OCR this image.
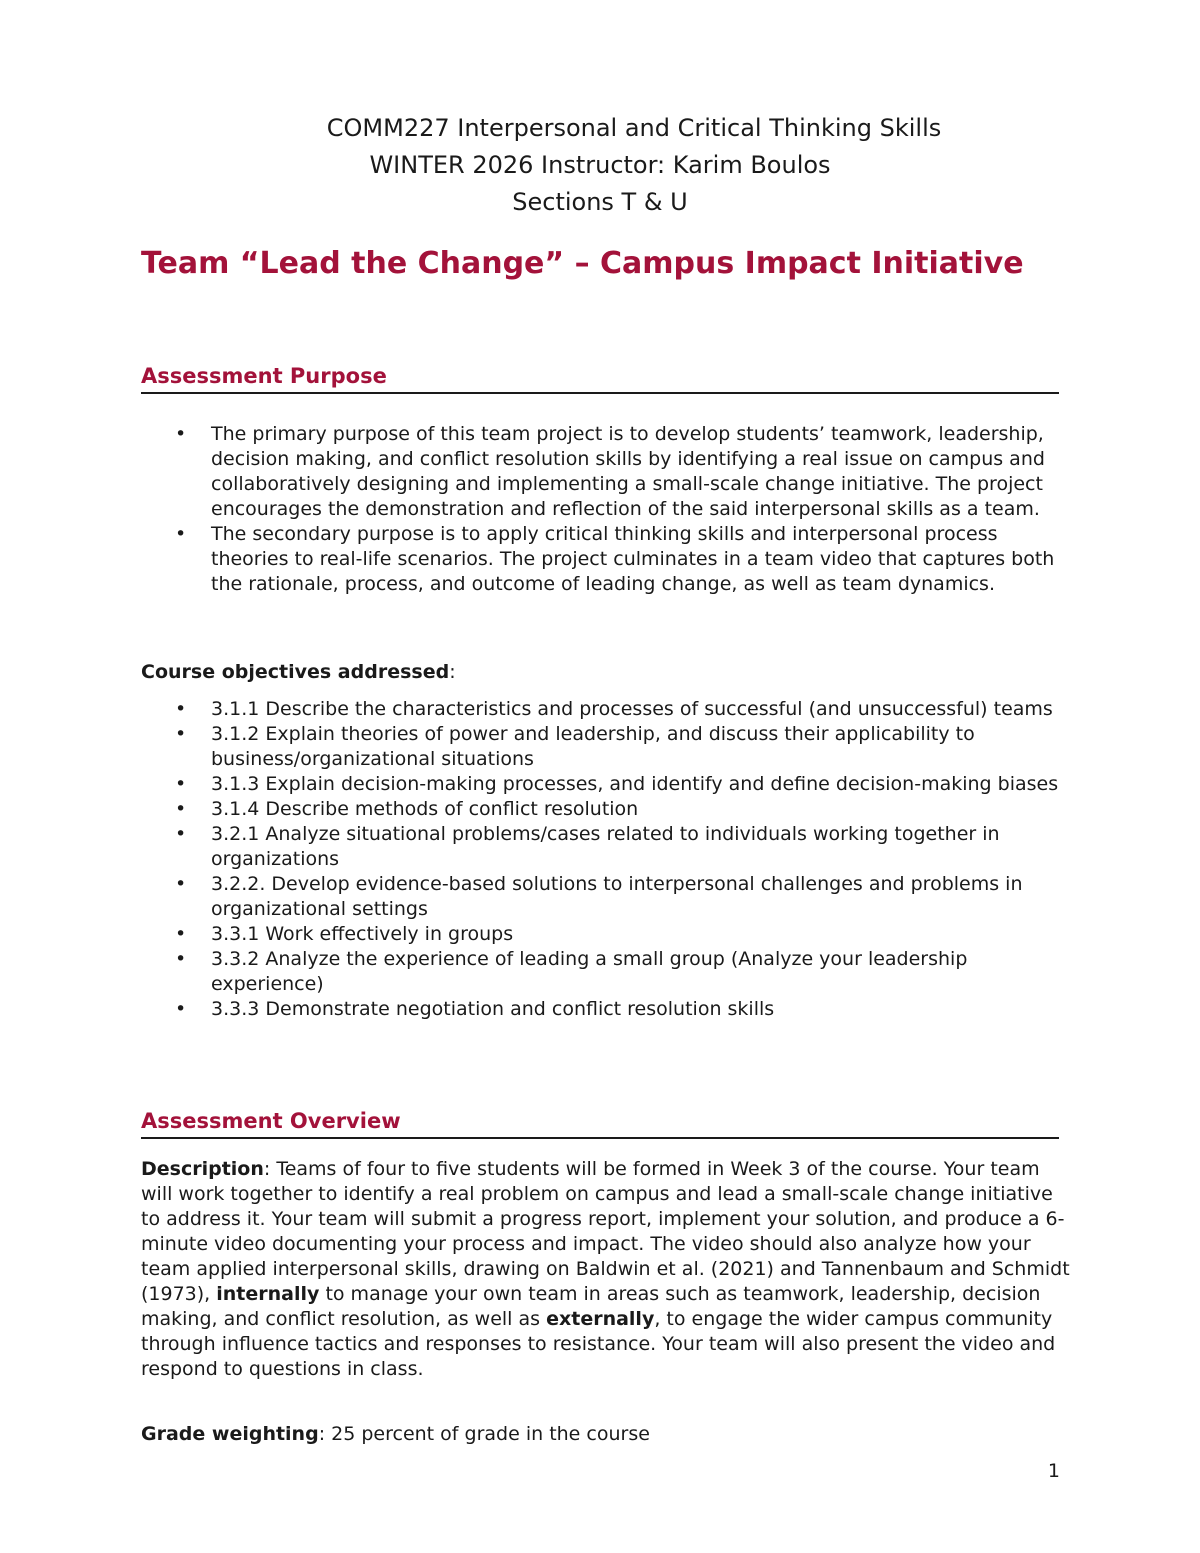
COMM227 Interpersonal and Critical Thinking Skills
WINTER 2026 Instructor: Karim Boulos
Sections T & U
Team “Lead the Change” – Campus Impact Initiative
Assessment Purpose
• The primary purpose of this team project is to develop students’ teamwork, leadership, decision making, and conflict resolution skills by identifying a real issue on campus and collaboratively designing and implementing a small-scale change initiative. The project encourages the demonstration and reflection of the said interpersonal skills as a team.
• The secondary purpose is to apply critical thinking skills and interpersonal process theories to real-life scenarios. The project culminates in a team video that captures both the rationale, process, and outcome of leading change, as well as team dynamics.

Course objectives addressed:

• 3.1.1 Describe the characteristics and processes of successful (and unsuccessful) teams
• 3.1.2 Explain theories of power and leadership, and discuss their applicability to business/organizational situations
• 3.1.3 Explain decision-making processes, and identify and define decision-making biases
• 3.1.4 Describe methods of conflict resolution
• 3.2.1 Analyze situational problems/cases related to individuals working together in organizations
• 3.2.2. Develop evidence-based solutions to interpersonal challenges and problems in organizational settings
• 3.3.1 Work effectively in groups
• 3.3.2 Analyze the experience of leading a small group (Analyze your leadership experience)
• 3.3.3 Demonstrate negotiation and conflict resolution skills
Assessment Overview

Description: Teams of four to five students will be formed in Week 3 of the course. Your team will work together to identify a real problem on campus and lead a small-scale change initiative to address it. Your team will submit a progress report, implement your solution, and produce a 6-minute video documenting your process and impact. The video should also analyze how your team applied interpersonal skills, drawing on Baldwin et al. (2021) and Tannenbaum and Schmidt (1973), internally to manage your own team in areas such as teamwork, leadership, decision making, and conflict resolution, as well as externally, to engage the wider campus community through influence tactics and responses to resistance. Your team will also present the video and respond to questions in class.

Grade weighting: 25 percent of grade in the course

1
